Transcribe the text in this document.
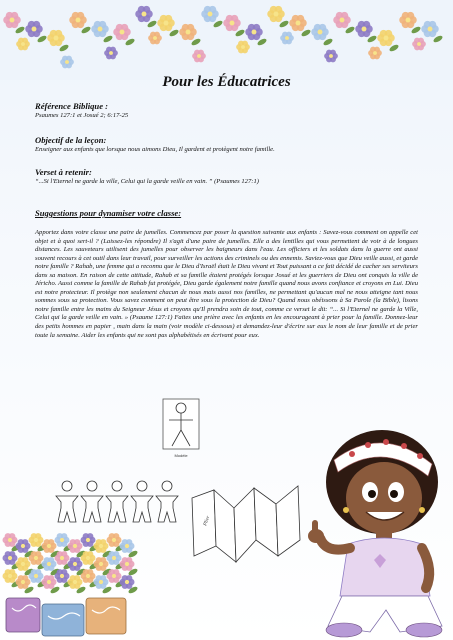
Pour les Éducatrices

Référence Biblique :

Psaumes 127:1 et Josué 2; 6:17-25

Objectif de la leçon:

Enseigner aux enfants que lorsque nous aimons Dieu, Il gardent et protègent notre famille.

Verset à retenir:

“...Si l'Eternel ne garde la ville, Celui qui la garde veille en vain. ” (Psaumes 127:1)

Suggestions pour dynamiser votre classe:

Apportez dans votre classe une paire de jumelles. Commencez par poser la question suivante aux enfants : Savez-vous comment on appelle cet objet et à quoi sert-il ? (Laissez-les répondre) Il s'agit d'une paire de jumelles. Elle a des lentilles qui vous permettent de voir à de longues distances. Les sauveteurs utilisent des jumelles pour observer les baigneurs dans l'eau. Les officiers et les soldats dans la guerre ont aussi souvent recours à cet outil dans leur travail, pour surveiller les actions des criminels ou des ennemis. Saviez-vous que Dieu veille aussi, et garde notre famille ? Rahab, une femme qui a reconnu que le Dieu d'Israël était le Dieu vivant et Tout puissant a ce fait décidé de cacher ses serviteurs dans sa maison. En raison de cette attitude, Rahab et sa famille étaient protégés lorsque Josué et les guerriers de Dieu ont conquis la ville de Jéricho. Aussi comme la famille de Rahab fut protégée, Dieu garde également notre famille quand nous avons confiance et croyons en Lui. Dieu est notre protecteur. Il protège non seulement chacun de nous mais aussi nos familles, ne permettant qu'aucun mal ne nous atteigne tant nous sommes sous sa protection. Vous savez comment on peut être sous la protection de Dieu? Quand nous obéissons à Sa Parole (la Bible), lisons notre famille entre les mains du Seigneur Jésus et croyons qu'Il prendra soin de tout, comme ce verset le dit: “... Si l'Eternel ne garde la Ville, Celui qui la garde veille en vain. » (Psaume 127:1) Faites une prière avec les enfants en les encourageant à prier pour la famille. Donnez-leur des petits hommes en papier , main dans la main (voir modèle ci-dessous) et demandez-leur d'écrire sur eux le nom de leur famille et de prier toute la semaine. Aider les enfants qui ne sont pas alphabétisés en écrivant pour eux.

Modèle
Plier
